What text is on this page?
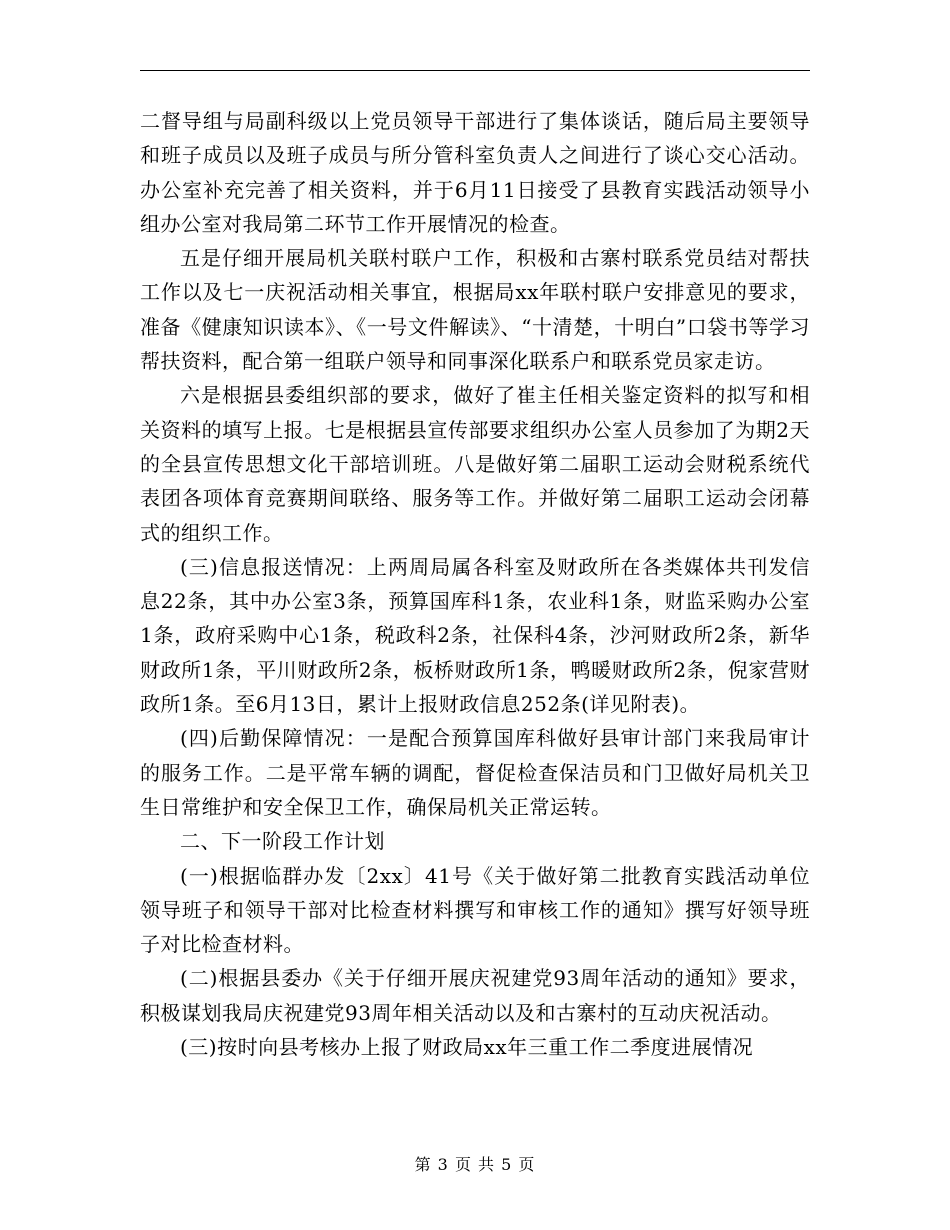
二督导组与局副科级以上党员领导干部进行了集体谈话，随后局主要领导和班子成员以及班子成员与所分管科室负责人之间进行了谈心交心活动。办公室补充完善了相关资料，并于6月11日接受了县教育实践活动领导小组办公室对我局第二环节工作开展情况的检查。

五是仔细开展局机关联村联户工作，积极和古寨村联系党员结对帮扶工作以及七一庆祝活动相关事宜，根据局xx年联村联户安排意见的要求，准备《健康知识读本》、《一号文件解读》、“十清楚，十明白”口袋书等学习帮扶资料，配合第一组联户领导和同事深化联系户和联系党员家走访。

六是根据县委组织部的要求，做好了崔主任相关鉴定资料的拟写和相关资料的填写上报。七是根据县宣传部要求组织办公室人员参加了为期2天的全县宣传思想文化干部培训班。八是做好第二届职工运动会财税系统代表团各项体育竞赛期间联络、服务等工作。并做好第二届职工运动会闭幕式的组织工作。

(三)信息报送情况：上两周局属各科室及财政所在各类媒体共刊发信息22条，其中办公室3条，预算国库科1条，农业科1条，财监采购办公室1条，政府采购中心1条，税政科2条，社保科4条，沙河财政所2条，新华财政所1条，平川财政所2条，板桥财政所1条，鸭暖财政所2条，倪家营财政所1条。至6月13日，累计上报财政信息252条(详见附表)。

(四)后勤保障情况：一是配合预算国库科做好县审计部门来我局审计的服务工作。二是平常车辆的调配，督促检查保洁员和门卫做好局机关卫生日常维护和安全保卫工作，确保局机关正常运转。

二、下一阶段工作计划

(一)根据临群办发〔2xx〕41号《关于做好第二批教育实践活动单位领导班子和领导干部对比检查材料撰写和审核工作的通知》撰写好领导班子对比检查材料。

(二)根据县委办《关于仔细开展庆祝建党93周年活动的通知》要求，积极谋划我局庆祝建党93周年相关活动以及和古寨村的互动庆祝活动。

(三)按时向县考核办上报了财政局xx年三重工作二季度进展情况

第 3 页 共 5 页
